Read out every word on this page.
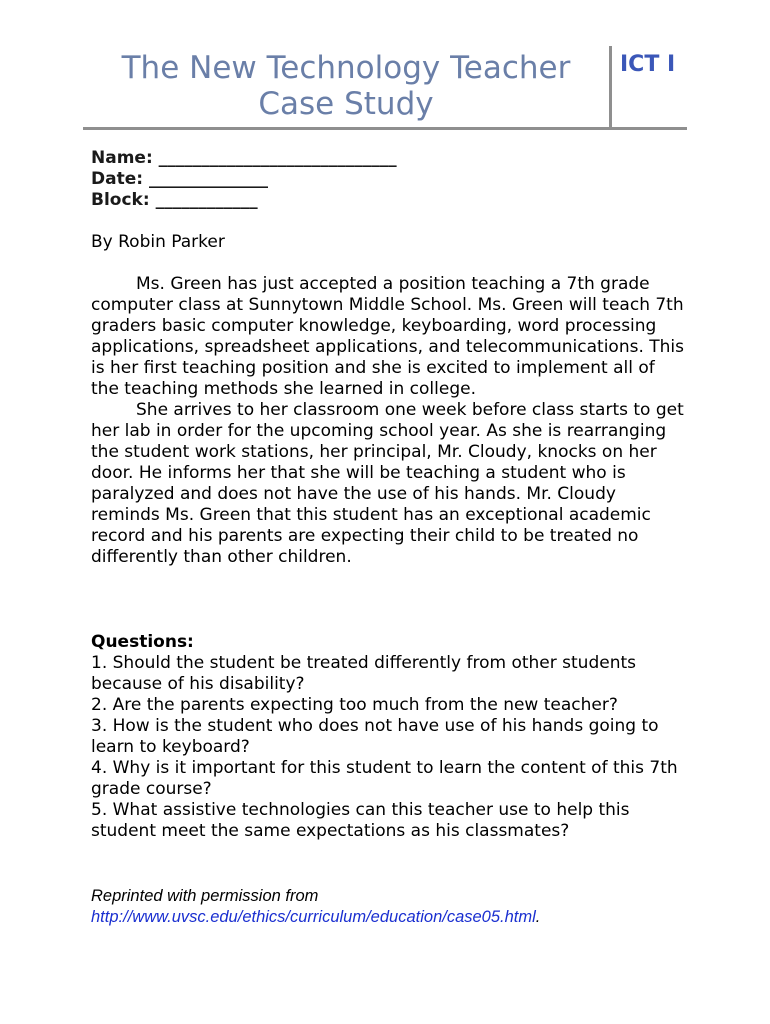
The New Technology Teacher
Case Study
ICT I
Name: ____________________________
Date: ______________
Block: ____________
By Robin Parker

Ms. Green has just accepted a position teaching a 7th grade computer class at Sunnytown Middle School. Ms. Green will teach 7th graders basic computer knowledge, keyboarding, word processing applications, spreadsheet applications, and telecommunications. This is her first teaching position and she is excited to implement all of the teaching methods she learned in college.

She arrives to her classroom one week before class starts to get her lab in order for the upcoming school year. As she is rearranging the student work stations, her principal, Mr. Cloudy, knocks on her door. He informs her that she will be teaching a student who is paralyzed and does not have the use of his hands. Mr. Cloudy reminds Ms. Green that this student has an exceptional academic record and his parents are expecting their child to be treated no differently than other children.

Questions:
1. Should the student be treated differently from other students because of his disability?
2. Are the parents expecting too much from the new teacher?
3. How is the student who does not have use of his hands going to learn to keyboard?
4. Why is it important for this student to learn the content of this 7th grade course?
5. What assistive technologies can this teacher use to help this student meet the same expectations as his classmates?
Reprinted with permission from
http://www.uvsc.edu/ethics/curriculum/education/case05.html.
